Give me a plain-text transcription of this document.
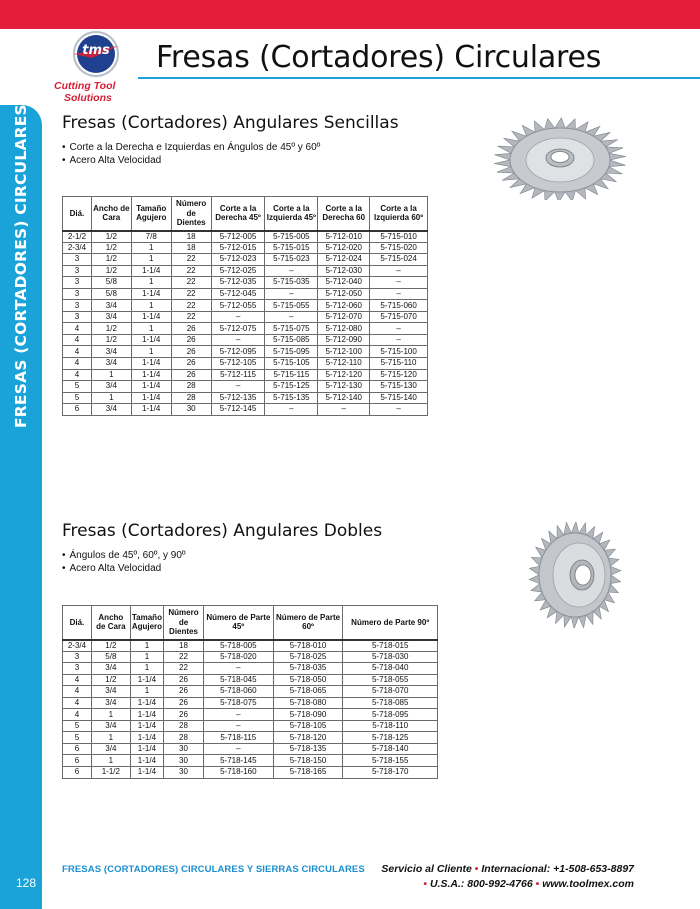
tms
Cutting Tool
Solutions
Fresas (Cortadores) Circulares
Fresas (Cortadores) Angulares Sencillas
• Corte a la Derecha e Izquierdas en Ángulos de 45º y 60º
• Acero Alta Velocidad
Diá.	Ancho de Cara	Tamaño Agujero	Número de Dientes	Corte a la Derecha 45º	Corte a la Izquierda 45º	Corte a la Derecha 60	Corte a la Izquierda 60º
2-1/2	1/2	7/8	18	5-712-005	5-715-005	5-712-010	5-715-010
2-3/4	1/2	1	18	5-712-015	5-715-015	5-712-020	5-715-020
3	1/2	1	22	5-712-023	5-715-023	5-712-024	5-715-024
3	1/2	1-1/4	22	5-712-025	–	5-712-030	–
3	5/8	1	22	5-712-035	5-715-035	5-712-040	–
3	5/8	1-1/4	22	5-712-045	–	5-712-050	–
3	3/4	1	22	5-712-055	5-715-055	5-712-060	5-715-060
3	3/4	1-1/4	22	–	–	5-712-070	5-715-070
4	1/2	1	26	5-712-075	5-715-075	5-712-080	–
4	1/2	1-1/4	26	–	5-715-085	5-712-090	–
4	3/4	1	26	5-712-095	5-715-095	5-712-100	5-715-100
4	3/4	1-1/4	26	5-712-105	5-715-105	5-712-110	5-715-110
4	1	1-1/4	26	5-712-115	5-715-115	5-712-120	5-715-120
5	3/4	1-1/4	28	–	5-715-125	5-712-130	5-715-130
5	1	1-1/4	28	5-712-135	5-715-135	5-712-140	5-715-140
6	3/4	1-1/4	30	5-712-145	–	–	–
Fresas (Cortadores) Angulares Dobles
• Ángulos de 45º, 60º, y 90º
• Acero Alta Velocidad
Diá.	Ancho de Cara	Tamaño Agujero	Número de Dientes	Número de Parte 45º	Número de Parte 60º	Número de Parte 90º
2-3/4	1/2	1	18	5-718-005	5-718-010	5-718-015
3	5/8	1	22	5-718-020	5-718-025	5-718-030
3	3/4	1	22	–	5-718-035	5-718-040
4	1/2	1-1/4	26	5-718-045	5-718-050	5-718-055
4	3/4	1	26	5-718-060	5-718-065	5-718-070
4	3/4	1-1/4	26	5-718-075	5-718-080	5-718-085
4	1	1-1/4	26	–	5-718-090	5-718-095
5	3/4	1-1/4	28	–	5-718-105	5-718-110
5	1	1-1/4	28	5-718-115	5-718-120	5-718-125
6	3/4	1-1/4	30	–	5-718-135	5-718-140
6	1	1-1/4	30	5-718-145	5-718-150	5-718-155
6	1-1/2	1-1/4	30	5-718-160	5-718-165	5-718-170
FRESAS (CORTADORES) CIRCULARES Y SIERRAS CIRCULARES Servicio al Cliente • Internacional: +1-508-653-8897
• U.S.A.: 800-992-4766 • www.toolmex.com
128
